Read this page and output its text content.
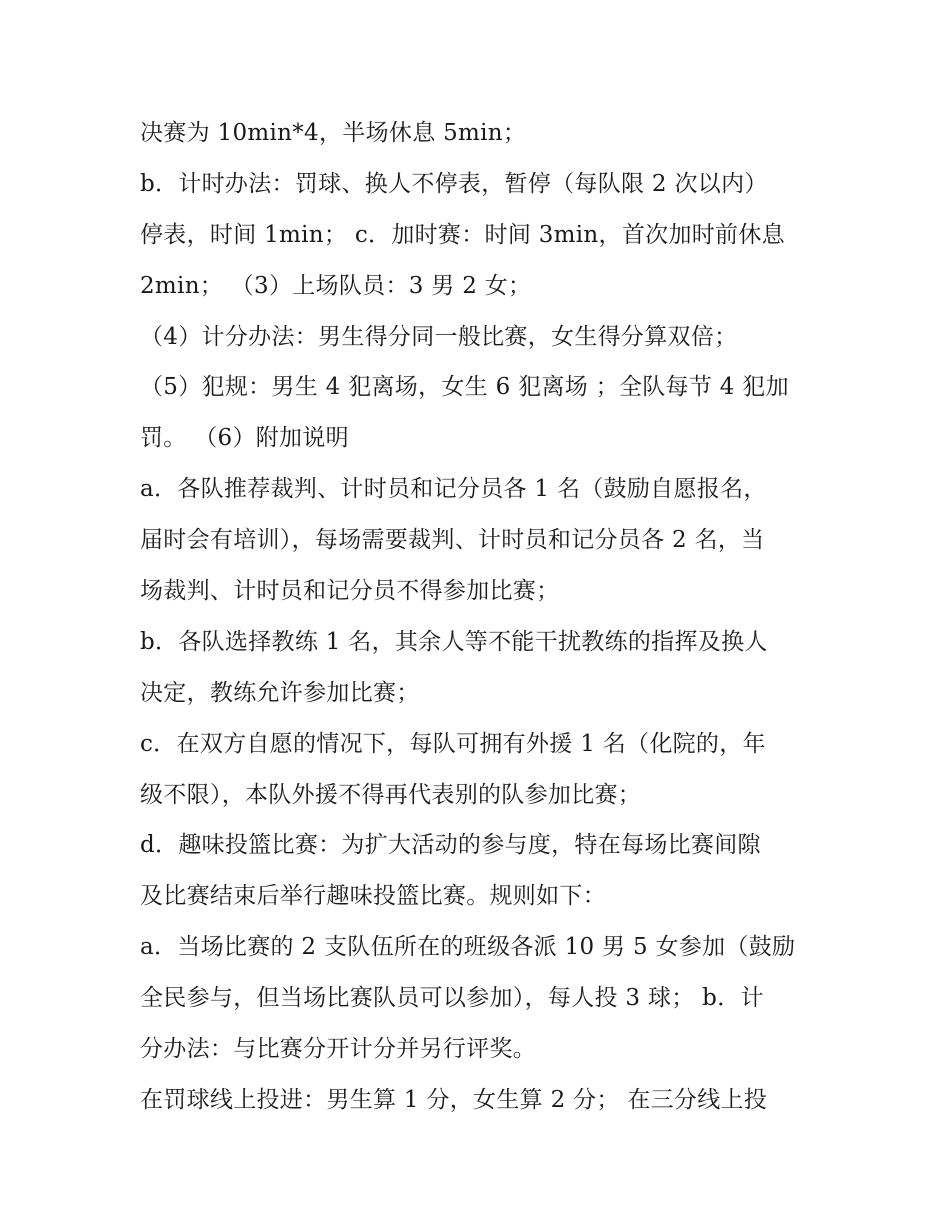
决赛为 10min*4，半场休息 5min；
b．计时办法：罚球、换人不停表，暂停（每队限 2 次以内）
停表，时间 1min； c．加时赛：时间 3min，首次加时前休息
2min； （3）上场队员：3 男 2 女；
（4）计分办法：男生得分同一般比赛，女生得分算双倍；
（5）犯规：男生 4 犯离场，女生 6 犯离场 ；全队每节 4 犯加
罚。 （6）附加说明
a．各队推荐裁判、计时员和记分员各 1 名（鼓励自愿报名，
届时会有培训），每场需要裁判、计时员和记分员各 2 名，当
场裁判、计时员和记分员不得参加比赛；
b．各队选择教练 1 名，其余人等不能干扰教练的指挥及换人
决定，教练允许参加比赛；
c．在双方自愿的情况下，每队可拥有外援 1 名（化院的，年
级不限），本队外援不得再代表别的队参加比赛；
d．趣味投篮比赛：为扩大活动的参与度，特在每场比赛间隙
及比赛结束后举行趣味投篮比赛。规则如下：
a．当场比赛的 2 支队伍所在的班级各派 10 男 5 女参加（鼓励
全民参与，但当场比赛队员可以参加），每人投 3 球； b．计
分办法：与比赛分开计分并另行评奖。
在罚球线上投进：男生算 1 分，女生算 2 分； 在三分线上投
